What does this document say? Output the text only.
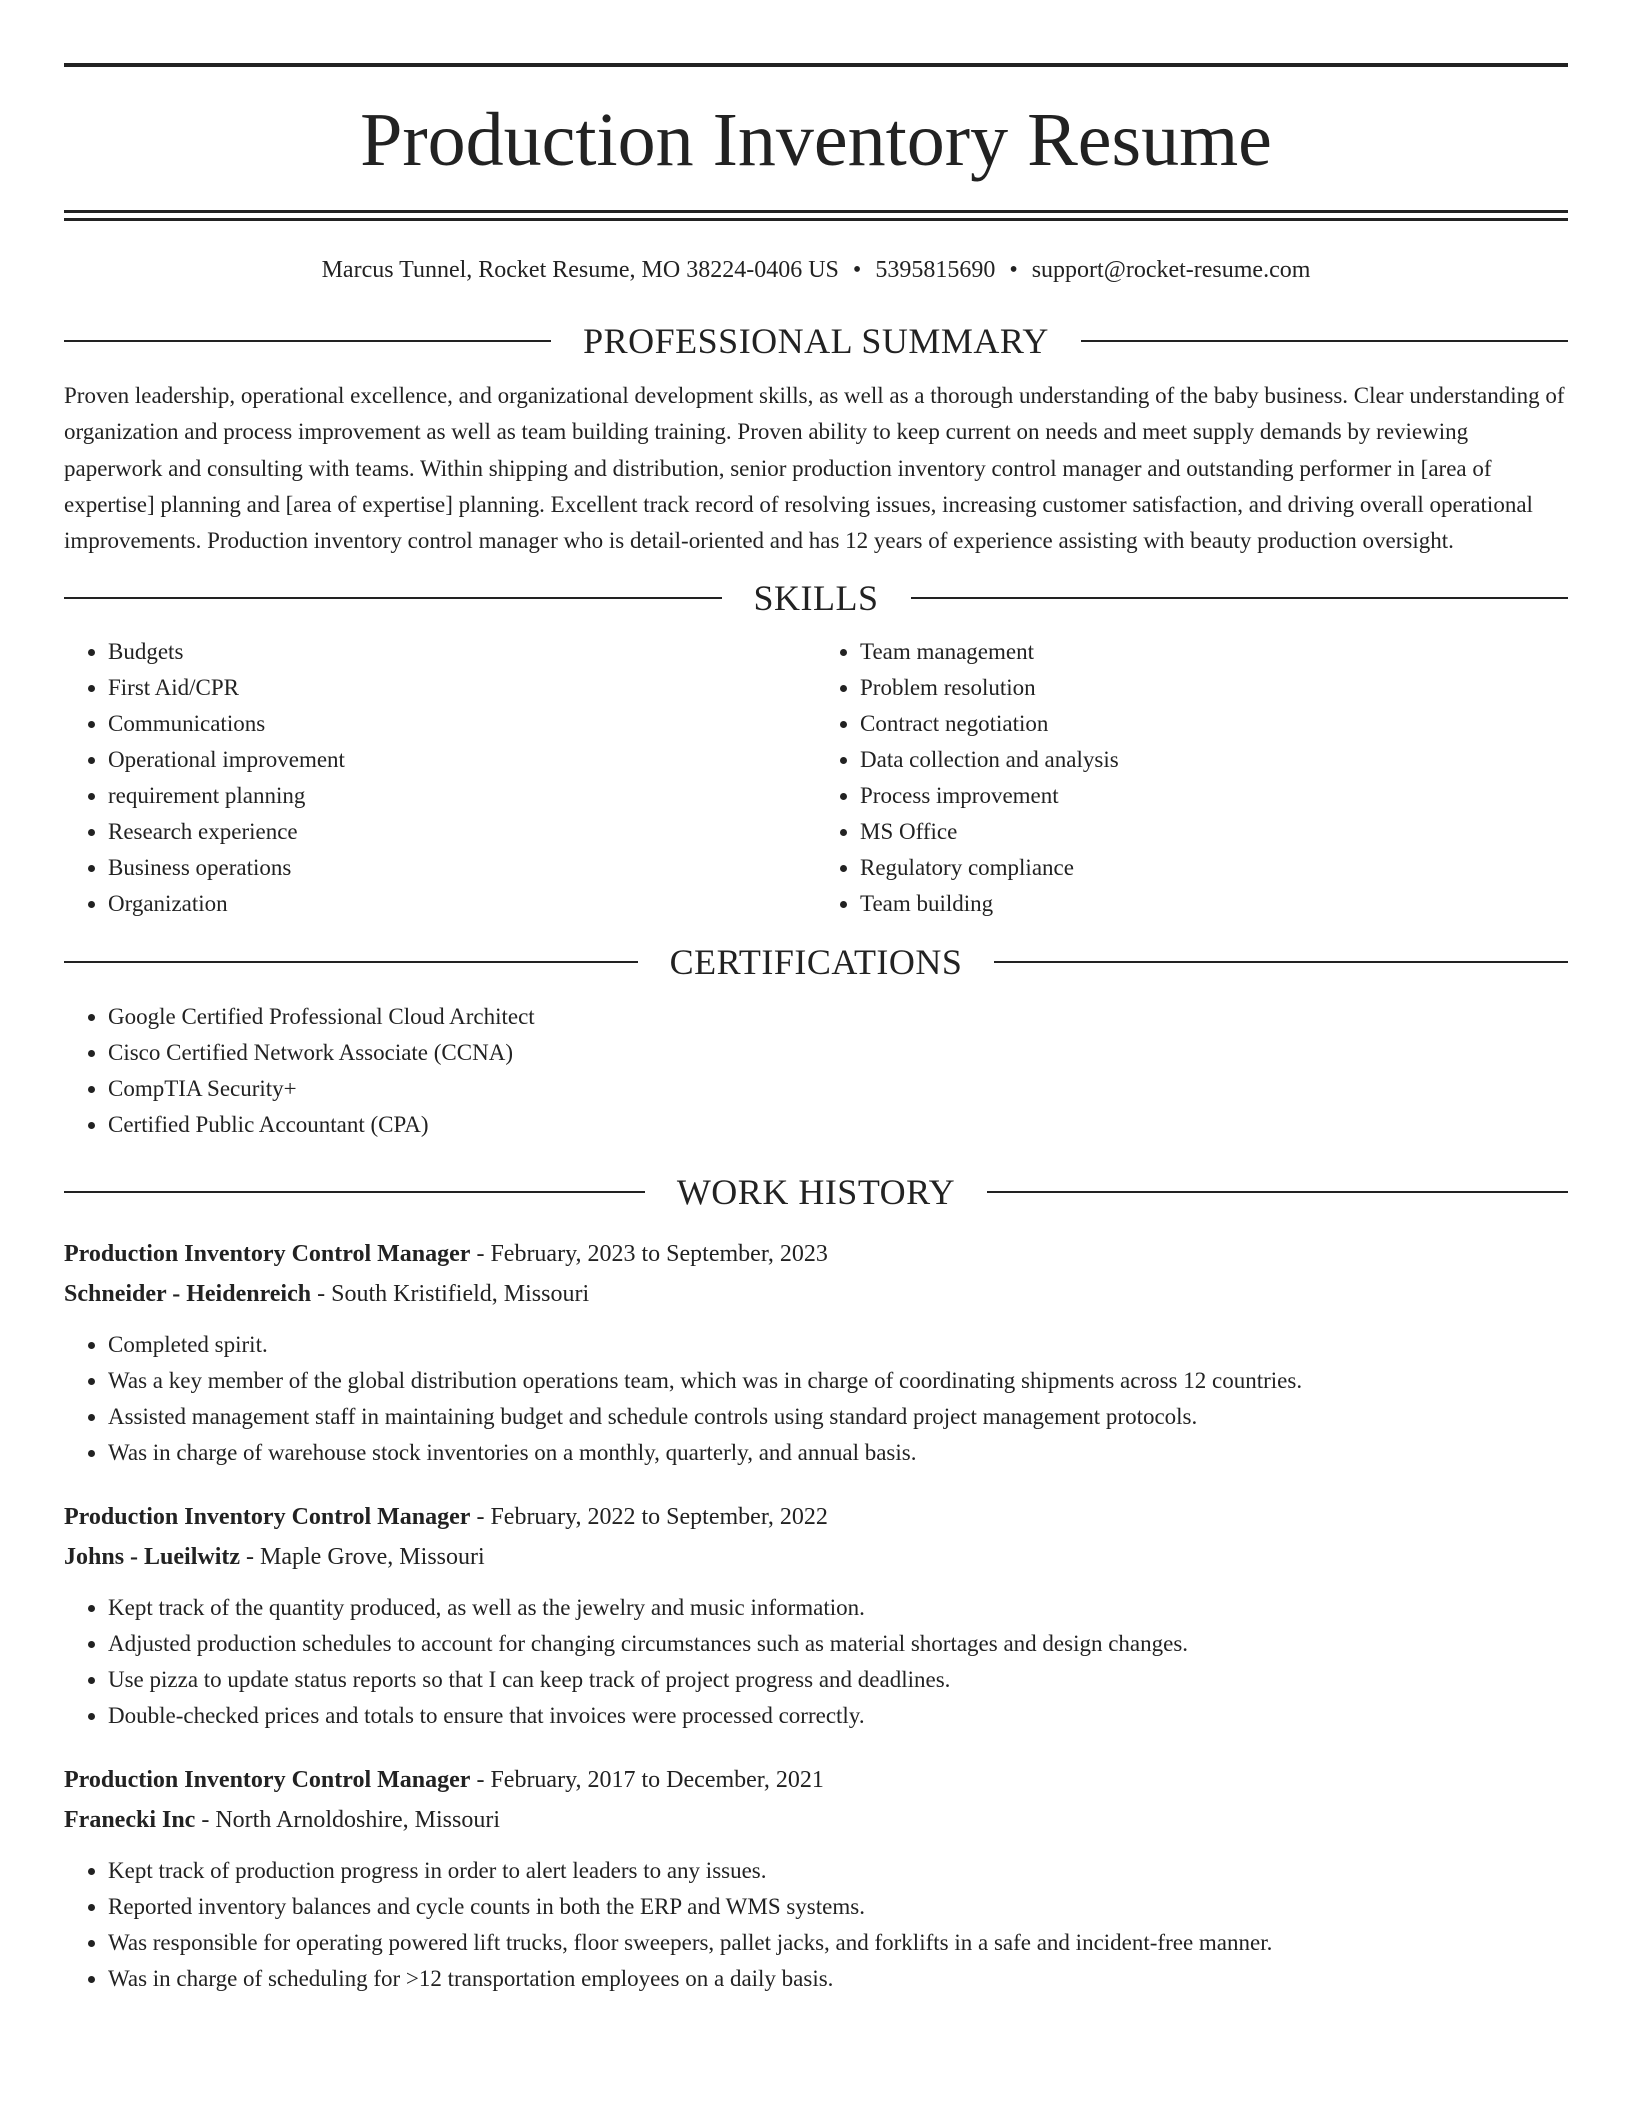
Production Inventory Resume
Marcus Tunnel, Rocket Resume, MO 38224-0406 US • 5395815690 • support@rocket-resume.com
PROFESSIONAL SUMMARY
Proven leadership, operational excellence, and organizational development skills, as well as a thorough understanding of the baby business. Clear understanding of organization and process improvement as well as team building training. Proven ability to keep current on needs and meet supply demands by reviewing paperwork and consulting with teams. Within shipping and distribution, senior production inventory control manager and outstanding performer in [area of expertise] planning and [area of expertise] planning. Excellent track record of resolving issues, increasing customer satisfaction, and driving overall operational improvements. Production inventory control manager who is detail-oriented and has 12 years of experience assisting with beauty production oversight.
SKILLS
• Budgets
• First Aid/CPR
• Communications
• Operational improvement
• requirement planning
• Research experience
• Business operations
• Organization
• Team management
• Problem resolution
• Contract negotiation
• Data collection and analysis
• Process improvement
• MS Office
• Regulatory compliance
• Team building
CERTIFICATIONS
• Google Certified Professional Cloud Architect
• Cisco Certified Network Associate (CCNA)
• CompTIA Security+
• Certified Public Accountant (CPA)
WORK HISTORY
Production Inventory Control Manager - February, 2023 to September, 2023
Schneider - Heidenreich - South Kristifield, Missouri
• Completed spirit.
• Was a key member of the global distribution operations team, which was in charge of coordinating shipments across 12 countries.
• Assisted management staff in maintaining budget and schedule controls using standard project management protocols.
• Was in charge of warehouse stock inventories on a monthly, quarterly, and annual basis.
Production Inventory Control Manager - February, 2022 to September, 2022
Johns - Lueilwitz - Maple Grove, Missouri
• Kept track of the quantity produced, as well as the jewelry and music information.
• Adjusted production schedules to account for changing circumstances such as material shortages and design changes.
• Use pizza to update status reports so that I can keep track of project progress and deadlines.
• Double-checked prices and totals to ensure that invoices were processed correctly.
Production Inventory Control Manager - February, 2017 to December, 2021
Franecki Inc - North Arnoldoshire, Missouri
• Kept track of production progress in order to alert leaders to any issues.
• Reported inventory balances and cycle counts in both the ERP and WMS systems.
• Was responsible for operating powered lift trucks, floor sweepers, pallet jacks, and forklifts in a safe and incident-free manner.
• Was in charge of scheduling for >12 transportation employees on a daily basis.
